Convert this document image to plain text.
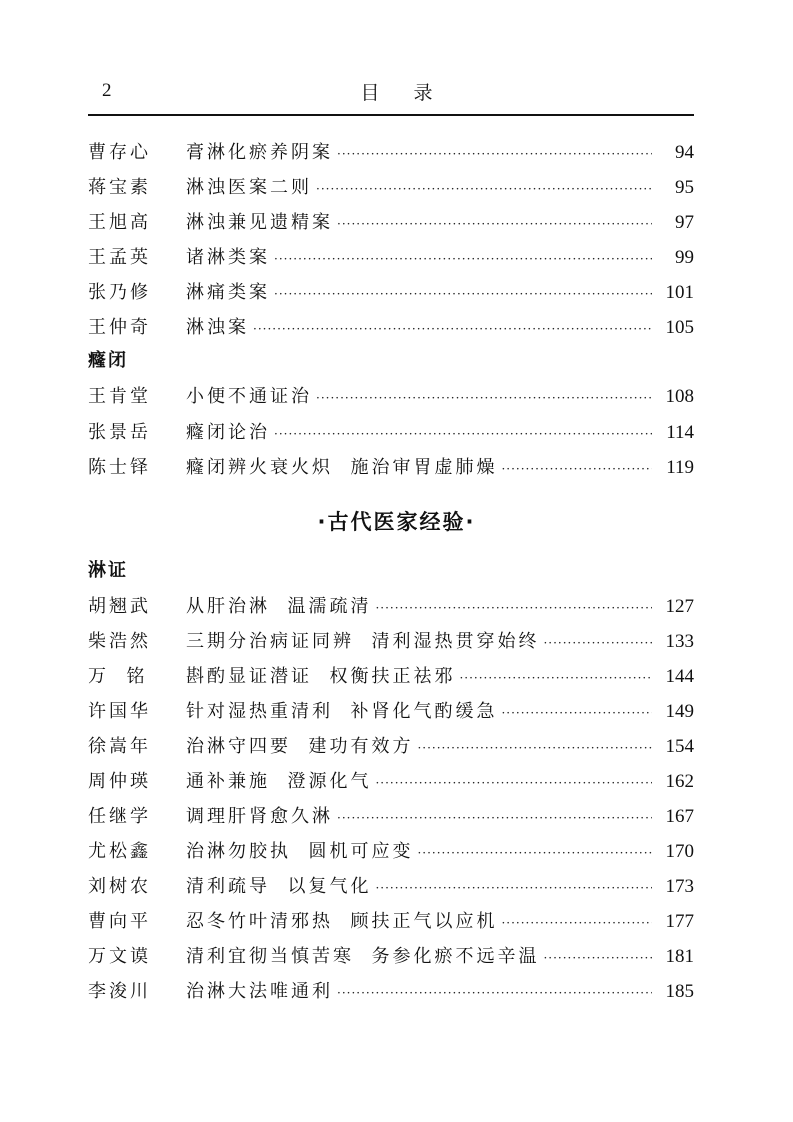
2	目录
曹存心	膏淋化瘀养阴案 ·····	94
蒋宝素	淋浊医案二则 ·····	95
王旭高	淋浊兼见遗精案 ·····	97
王孟英	诸淋类案 ·····	99
张乃修	淋痛类案 ·····	101
王仲奇	淋浊案 ·····	105
癃闭
王肯堂	小便不通证治 ·····	108
张景岳	癃闭论治 ·····	114
陈士铎	癃闭辨火衰火炽  施治审胃虚肺燥 ·····	119
·古代医家经验·
淋证
胡翘武	从肝治淋  温濡疏清 ·····	127
柴浩然	三期分治病证同辨  清利湿热贯穿始终 ·····	133
万  铭	斟酌显证潜证  权衡扶正祛邪 ·····	144
许国华	针对湿热重清利  补肾化气酌缓急 ·····	149
徐嵩年	治淋守四要  建功有效方 ·····	154
周仲瑛	通补兼施  澄源化气 ·····	162
任继学	调理肝肾愈久淋 ·····	167
尤松鑫	治淋勿胶执  圆机可应变 ·····	170
刘树农	清利疏导  以复气化 ·····	173
曹向平	忍冬竹叶清邪热  顾扶正气以应机 ·····	177
万文谟	清利宜彻当慎苦寒  务参化瘀不远辛温 ·····	181
李浚川	治淋大法唯通利 ·····	185
